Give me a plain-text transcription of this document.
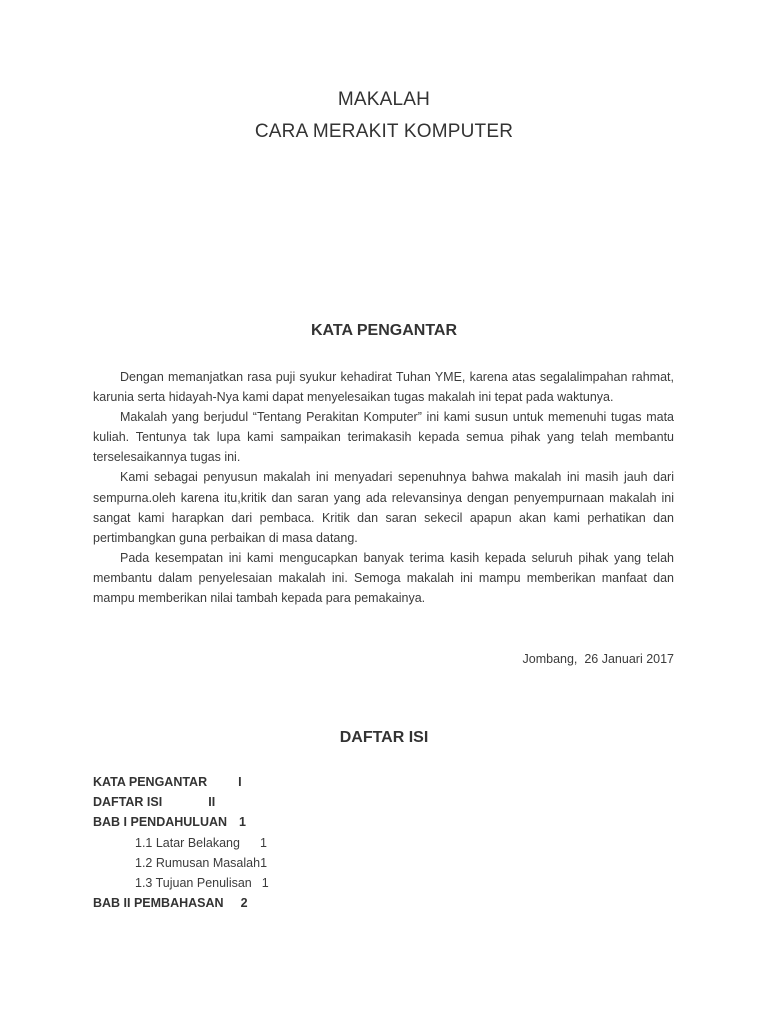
MAKALAH
CARA MERAKIT KOMPUTER
KATA PENGANTAR

Dengan memanjatkan rasa puji syukur kehadirat Tuhan YME, karena atas segalalimpahan rahmat, karunia serta hidayah-Nya kami dapat menyelesaikan tugas makalah ini tepat pada waktunya.

Makalah yang berjudul “Tentang Perakitan Komputer” ini kami susun untuk memenuhi tugas mata kuliah. Tentunya tak lupa kami sampaikan terimakasih kepada semua pihak yang telah membantu terselesaikannya tugas ini.

Kami sebagai penyusun makalah ini menyadari sepenuhnya bahwa makalah ini masih jauh dari sempurna.oleh karena itu,kritik dan saran yang ada relevansinya dengan penyempurnaan makalah ini sangat kami harapkan dari pembaca. Kritik dan saran sekecil apapun akan kami perhatikan dan pertimbangkan guna perbaikan di masa datang.

Pada kesempatan ini kami mengucapkan banyak terima kasih kepada seluruh pihak yang telah membantu dalam penyelesaian makalah ini. Semoga makalah ini mampu memberikan manfaat dan mampu memberikan nilai tambah kepada para pemakainya.

Jombang,  26 Januari 2017
DAFTAR ISI
KATA PENGANTAR I
DAFTAR ISI	II
BAB I PENDAHULUAN 1
1.1 Latar Belakang 1
1.2 Rumusan Masalah1
1.3 Tujuan Penulisan 1
BAB II PEMBAHASAN 2
